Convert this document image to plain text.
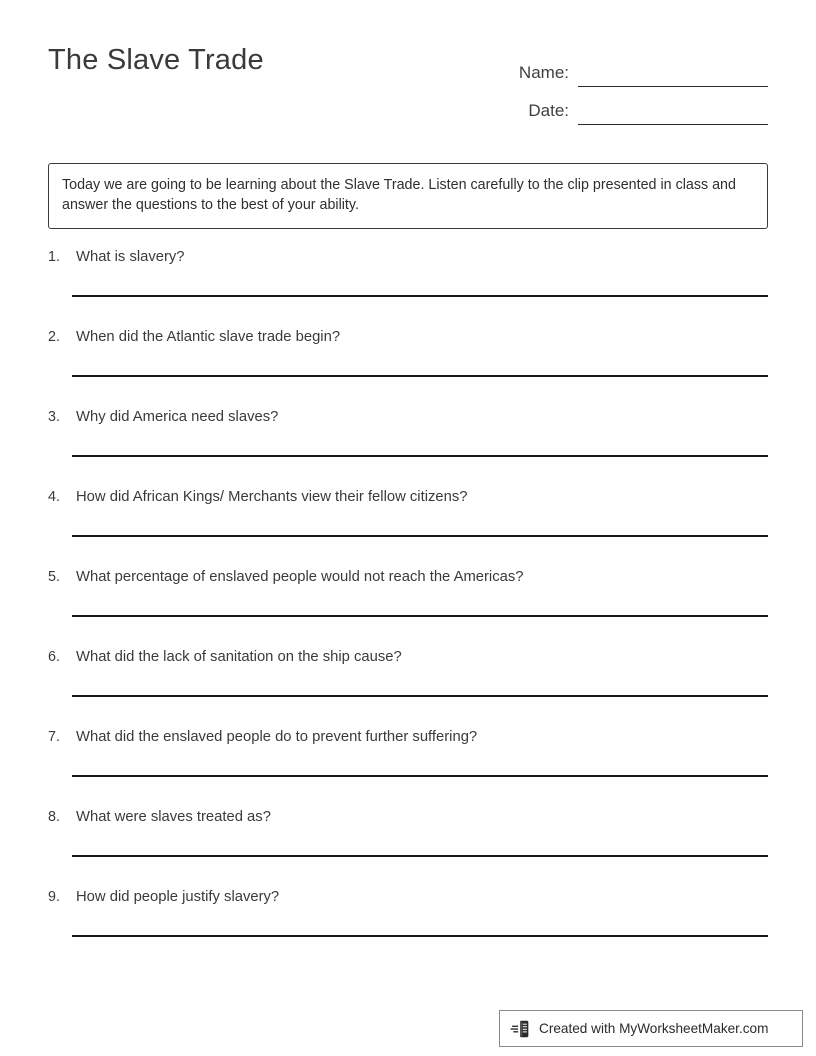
The Slave Trade	Name:
Date:

Today we are going to be learning about the Slave Trade. Listen carefully to the clip presented in class and answer the questions to the best of your ability.

1.	What is slavery?
2.	When did the Atlantic slave trade begin?
3.	Why did America need slaves?
4.	How did African Kings/ Merchants view their fellow citizens?
5.	What percentage of enslaved people would not reach the Americas?
6.	What did the lack of sanitation on the ship cause?
7.	What did the enslaved people do to prevent further suffering?
8.	What were slaves treated as?
9.	How did people justify slavery?
Created with MyWorksheetMaker.com
